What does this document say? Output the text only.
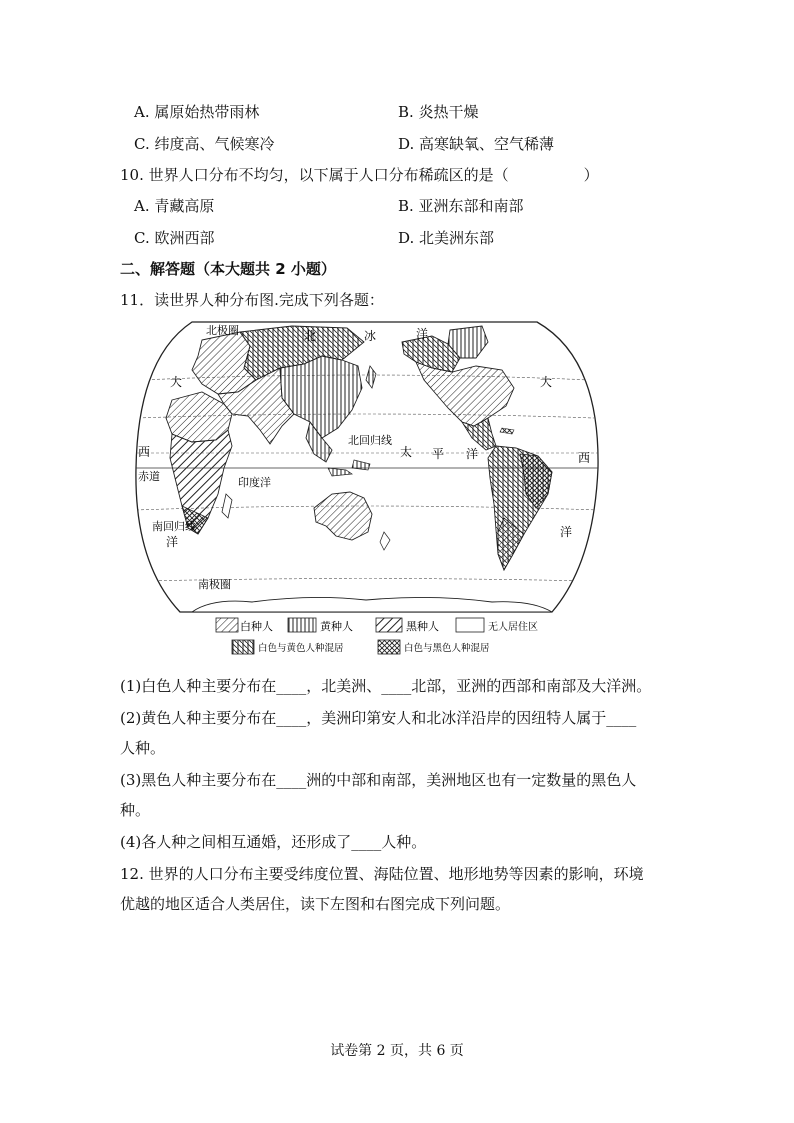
A. 属原始热带雨林	B. 炎热干燥
C. 纬度高、气候寒冷	D. 高寒缺氧、空气稀薄
10. 世界人口分布不均匀，以下属于人口分布稀疏区的是（　　　　　）
A. 青藏高原	B. 亚洲东部和南部
C. 欧洲西部	D. 北美洲东部
二、解答题（本大题共 2 小题）
11．读世界人种分布图.完成下列各题：
北极圈	北	冰	洋
大	大
北回归线
太 平 洋
西	西
赤道	印度洋
南回归线
洋
洋
南极圈
白种人	黄种人	黑种人	无人居住区
白色与黄色人种混居	白色与黑色人种混居
(1)白色人种主要分布在____，北美洲、____北部，亚洲的西部和南部及大洋洲。
(2)黄色人种主要分布在____，美洲印第安人和北冰洋沿岸的因纽特人属于____
人种。
(3)黑色人种主要分布在____洲的中部和南部，美洲地区也有一定数量的黑色人
种。
(4)各人种之间相互通婚，还形成了____人种。
12. 世界的人口分布主要受纬度位置、海陆位置、地形地势等因素的影响，环境
优越的地区适合人类居住，读下左图和右图完成下列问题。
试卷第 2 页，共 6 页
